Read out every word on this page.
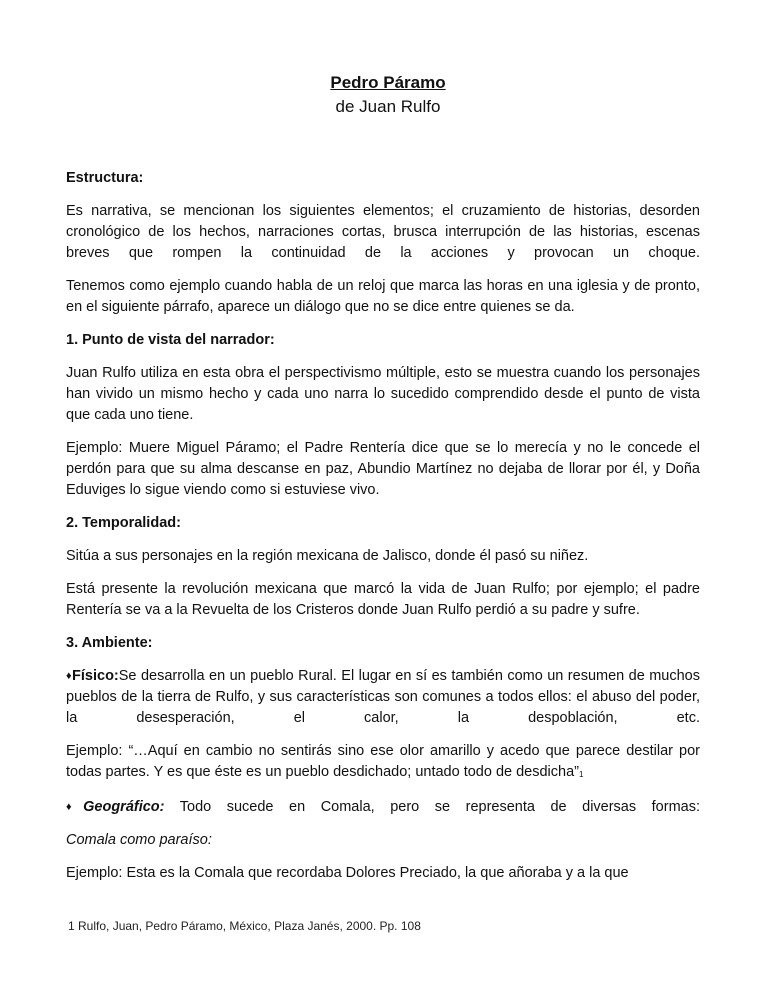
Pedro Páramo
de Juan Rulfo
Estructura:

Es narrativa, se mencionan los siguientes elementos; el cruzamiento de historias, desorden cronológico de los hechos, narraciones cortas, brusca interrupción de las historias, escenas breves que rompen la continuidad de la acciones y provocan un choque.

Tenemos como ejemplo cuando habla de un reloj que marca las horas en una iglesia y de pronto, en el siguiente párrafo, aparece un diálogo que no se dice entre quienes se da.

1. Punto de vista del narrador:

Juan Rulfo utiliza en esta obra el perspectivismo múltiple, esto se muestra cuando los personajes han vivido un mismo hecho y cada uno narra lo sucedido comprendido desde el punto de vista que cada uno tiene.

Ejemplo: Muere Miguel Páramo; el Padre Rentería dice que se lo merecía y no le concede el perdón para que su alma descanse en paz, Abundio Martínez no dejaba de llorar por él, y Doña Eduviges lo sigue viendo como si estuviese vivo.

2. Temporalidad:

Sitúa a sus personajes en la región mexicana de Jalisco, donde él pasó su niñez.

Está presente la revolución mexicana que marcó la vida de Juan Rulfo; por ejemplo; el padre Rentería se va a la Revuelta de los Cristeros donde Juan Rulfo perdió a su padre y sufre.

3. Ambiente:

♦Físico:Se desarrolla en un pueblo Rural. El lugar en sí es también como un resumen de muchos pueblos de la tierra de Rulfo, y sus características son comunes a todos ellos: el abuso del poder, la desesperación, el calor, la despoblación, etc.

Ejemplo: “…Aquí en cambio no sentirás sino ese olor amarillo y acedo que parece destilar por todas partes. Y es que éste es un pueblo desdichado; untado todo de desdicha”1

♦Geográfico: Todo sucede en Comala, pero se representa de diversas formas:

Comala como paraíso:

Ejemplo: Esta es la Comala que recordaba Dolores Preciado, la que añoraba y a la que

1 Rulfo, Juan, Pedro Páramo, México, Plaza Janés, 2000. Pp. 108
